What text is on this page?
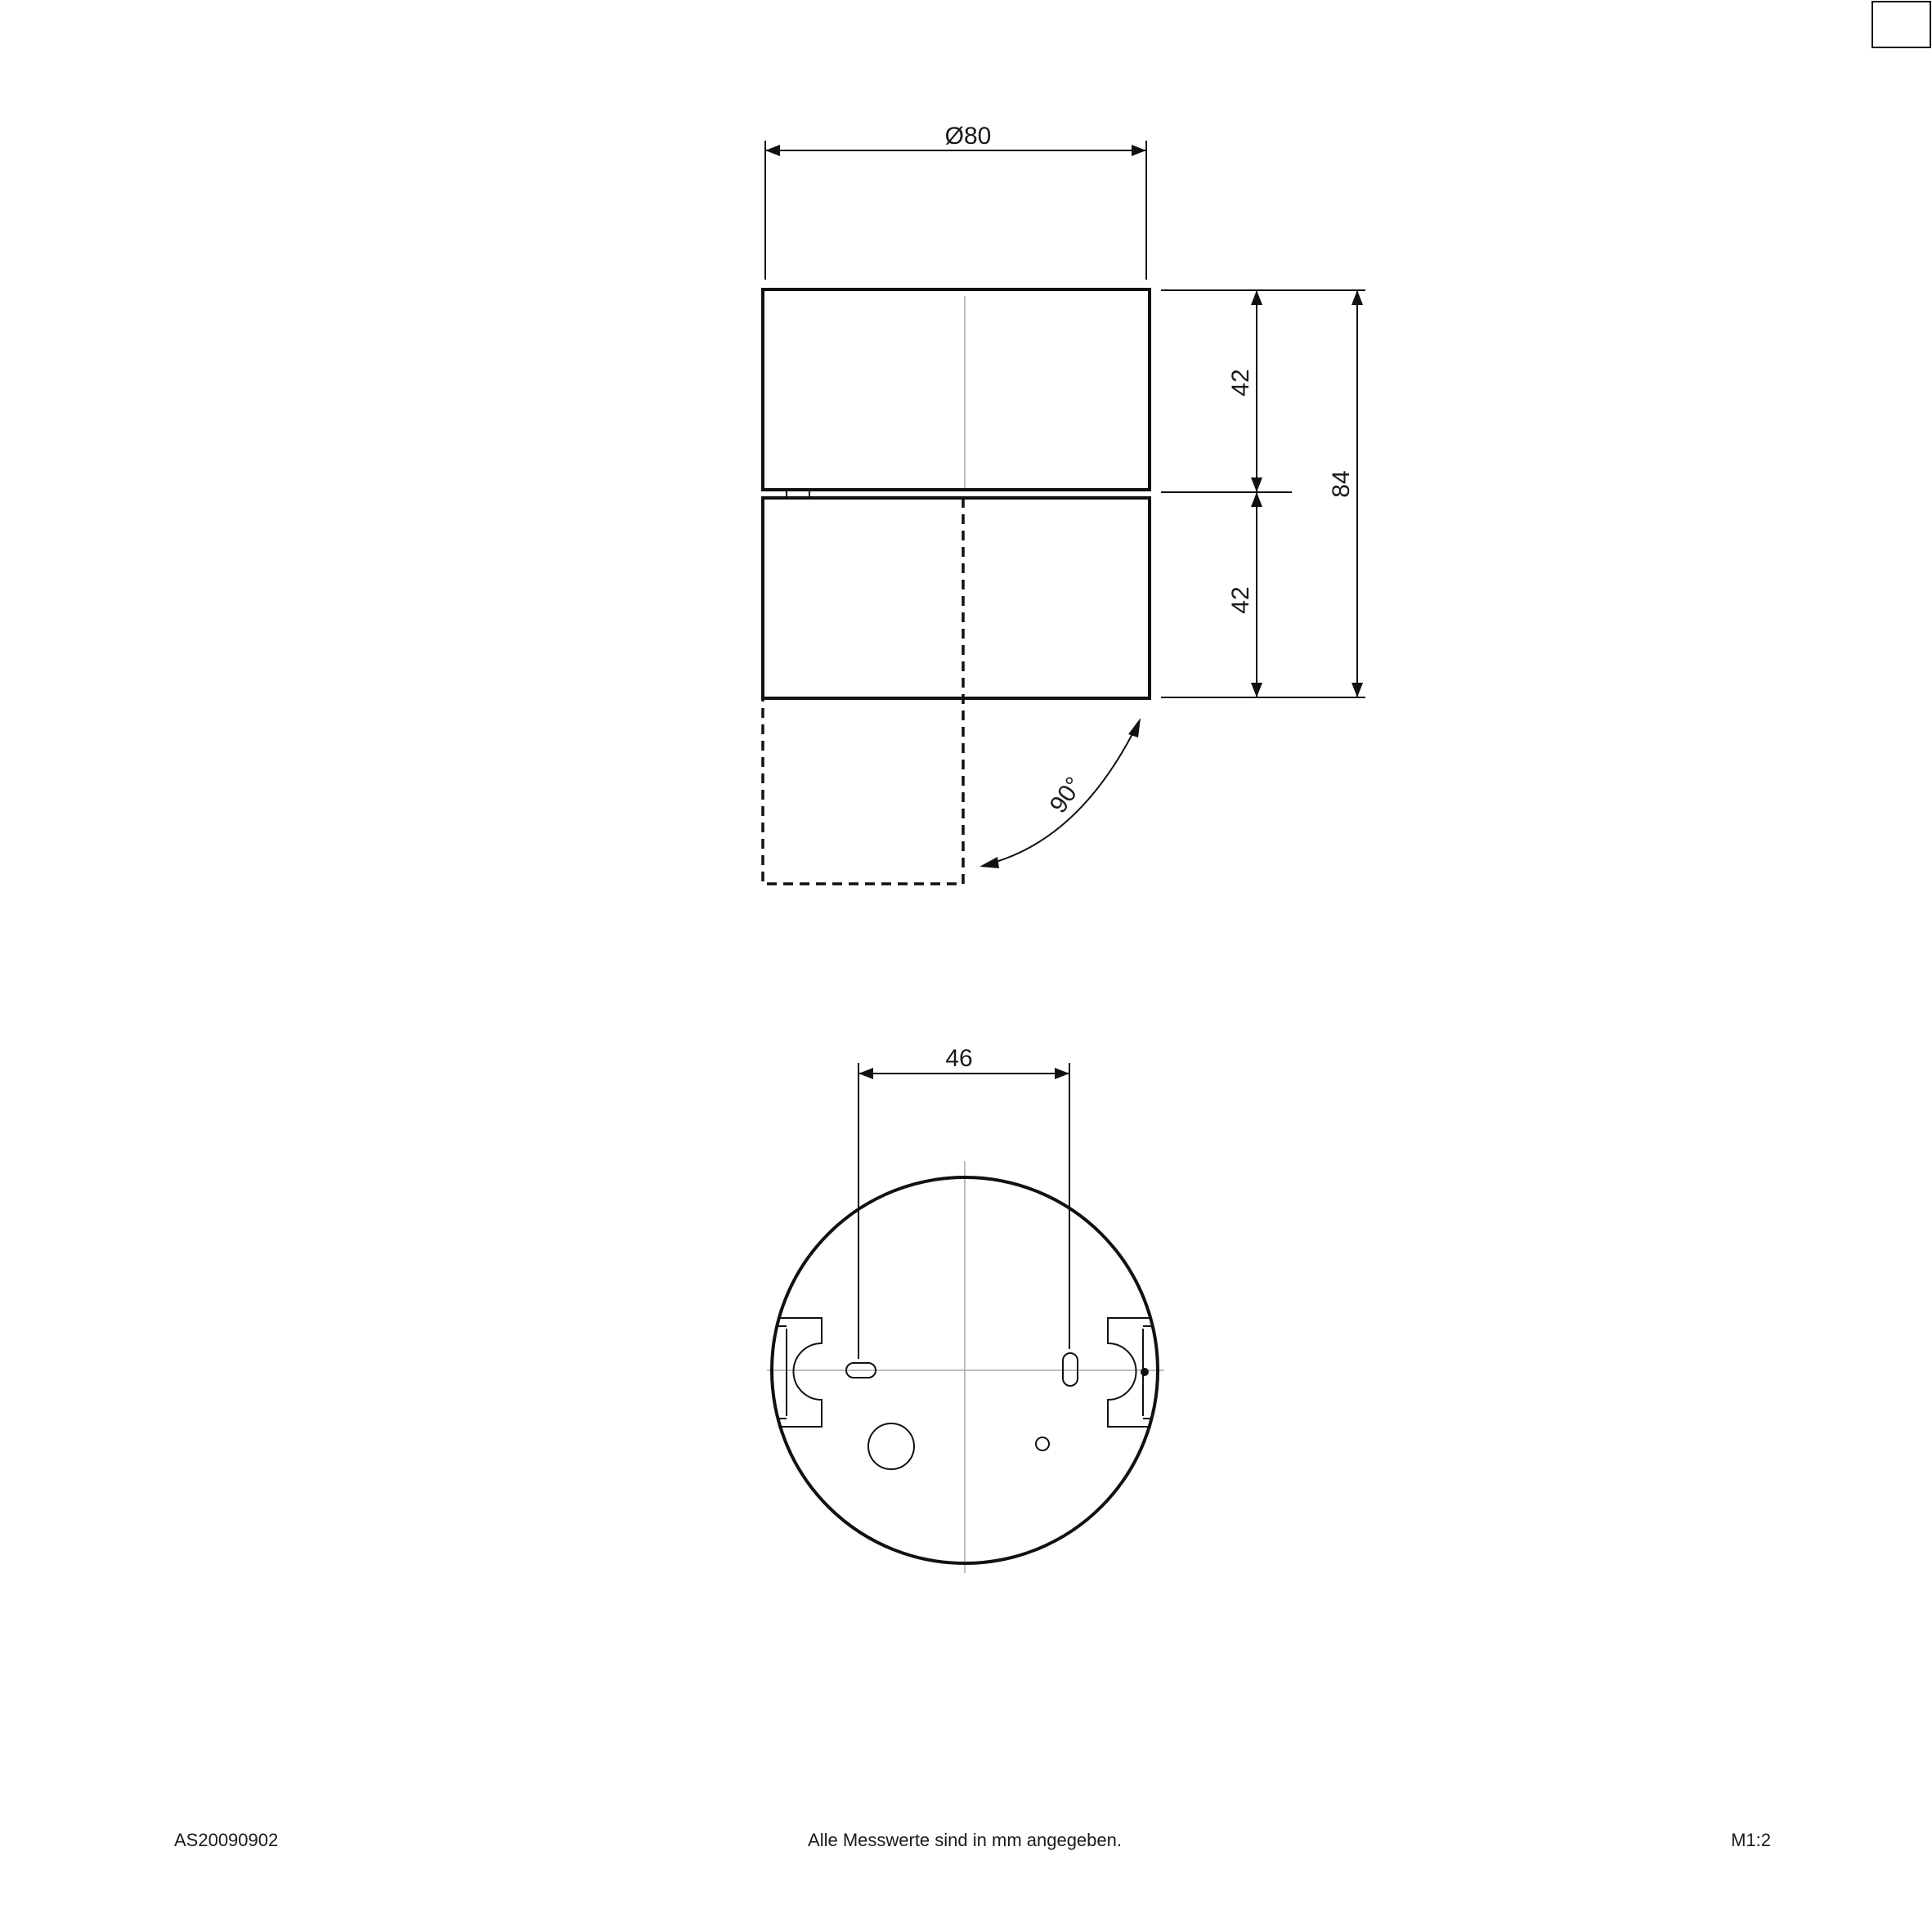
90°
Ø80
42
42
84
46
AS20090902	Alle Messwerte sind in mm angegeben.	M1:2
